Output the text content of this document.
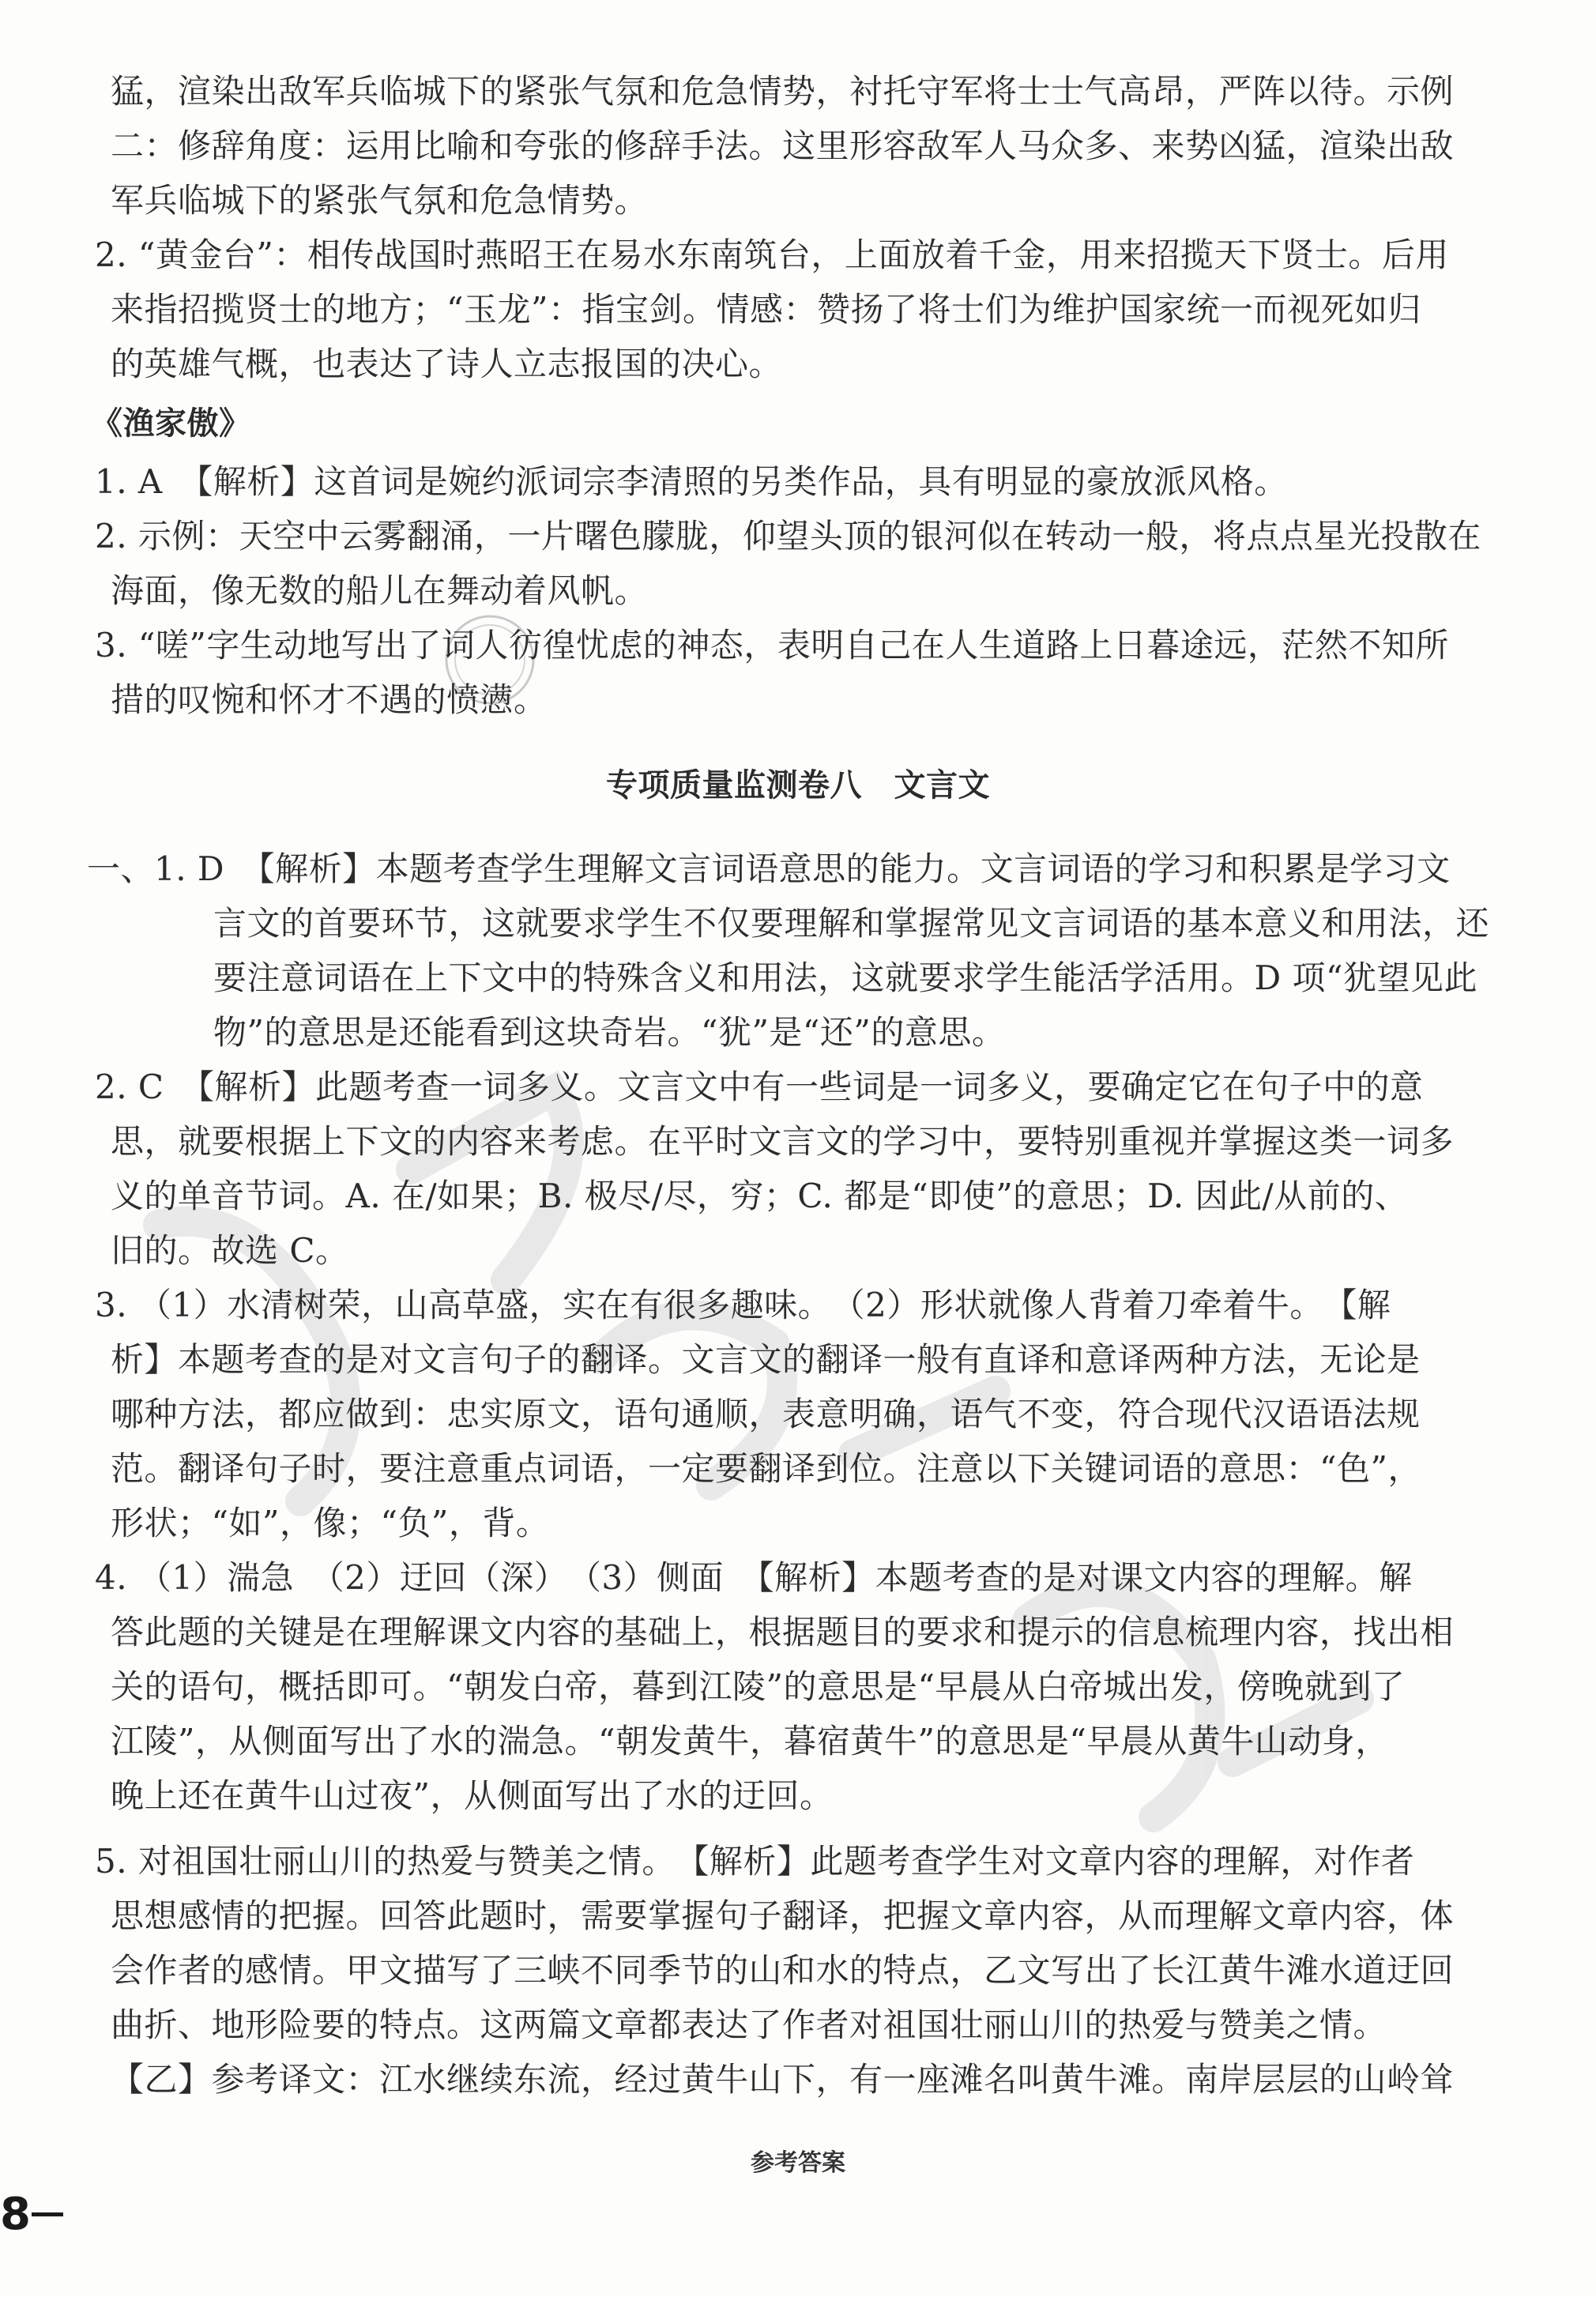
猛，渲染出敌军兵临城下的紧张气氛和危急情势，衬托守军将士士气高昂，严阵以待。示例
二：修辞角度：运用比喻和夸张的修辞手法。这里形容敌军人马众多、来势凶猛，渲染出敌
军兵临城下的紧张气氛和危急情势。
2. “黄金台”：相传战国时燕昭王在易水东南筑台，上面放着千金，用来招揽天下贤士。后用
来指招揽贤士的地方；“玉龙”：指宝剑。情感：赞扬了将士们为维护国家统一而视死如归
的英雄气概，也表达了诗人立志报国的决心。
《渔家傲》
1. A　【解析】这首词是婉约派词宗李清照的另类作品，具有明显的豪放派风格。
2. 示例：天空中云雾翻涌，一片曙色朦胧，仰望头顶的银河似在转动一般，将点点星光投散在
海面，像无数的船儿在舞动着风帆。
3. “嗟”字生动地写出了词人彷徨忧虑的神态，表明自己在人生道路上日暮途远，茫然不知所
措的叹惋和怀才不遇的愤懑。
专项质量监测卷八　文言文
一、1. D　【解析】本题考查学生理解文言词语意思的能力。文言词语的学习和积累是学习文
言文的首要环节，这就要求学生不仅要理解和掌握常见文言词语的基本意义和用法，还
要注意词语在上下文中的特殊含义和用法，这就要求学生能活学活用。D 项“犹望见此
物”的意思是还能看到这块奇岩。“犹”是“还”的意思。
2. C　【解析】此题考查一词多义。文言文中有一些词是一词多义，要确定它在句子中的意
思，就要根据上下文的内容来考虑。在平时文言文的学习中，要特别重视并掌握这类一词多
义的单音节词。A. 在/如果；B. 极尽/尽，穷；C. 都是“即使”的意思；D. 因此/从前的、
旧的。故选 C。
3. （1）水清树荣，山高草盛，实在有很多趣味。　（2）形状就像人背着刀牵着牛。　【解
析】本题考查的是对文言句子的翻译。文言文的翻译一般有直译和意译两种方法，无论是
哪种方法，都应做到：忠实原文，语句通顺，表意明确，语气不变，符合现代汉语语法规
范。翻译句子时，要注意重点词语，一定要翻译到位。注意以下关键词语的意思：“色”，
形状；“如”，像；“负”，背。
4. （1）湍急　（2）迂回（深）　（3）侧面　【解析】本题考查的是对课文内容的理解。解
答此题的关键是在理解课文内容的基础上，根据题目的要求和提示的信息梳理内容，找出相
关的语句，概括即可。“朝发白帝，暮到江陵”的意思是“早晨从白帝城出发，傍晚就到了
江陵”，从侧面写出了水的湍急。“朝发黄牛，暮宿黄牛”的意思是“早晨从黄牛山动身，
晚上还在黄牛山过夜”，从侧面写出了水的迂回。
5. 对祖国壮丽山川的热爱与赞美之情。　【解析】此题考查学生对文章内容的理解，对作者
思想感情的把握。回答此题时，需要掌握句子翻译，把握文章内容，从而理解文章内容，体
会作者的感情。甲文描写了三峡不同季节的山和水的特点，乙文写出了长江黄牛滩水道迂回
曲折、地形险要的特点。这两篇文章都表达了作者对祖国壮丽山川的热爱与赞美之情。
【乙】参考译文：江水继续东流，经过黄牛山下，有一座滩名叫黄牛滩。南岸层层的山岭耸
参考答案
8
